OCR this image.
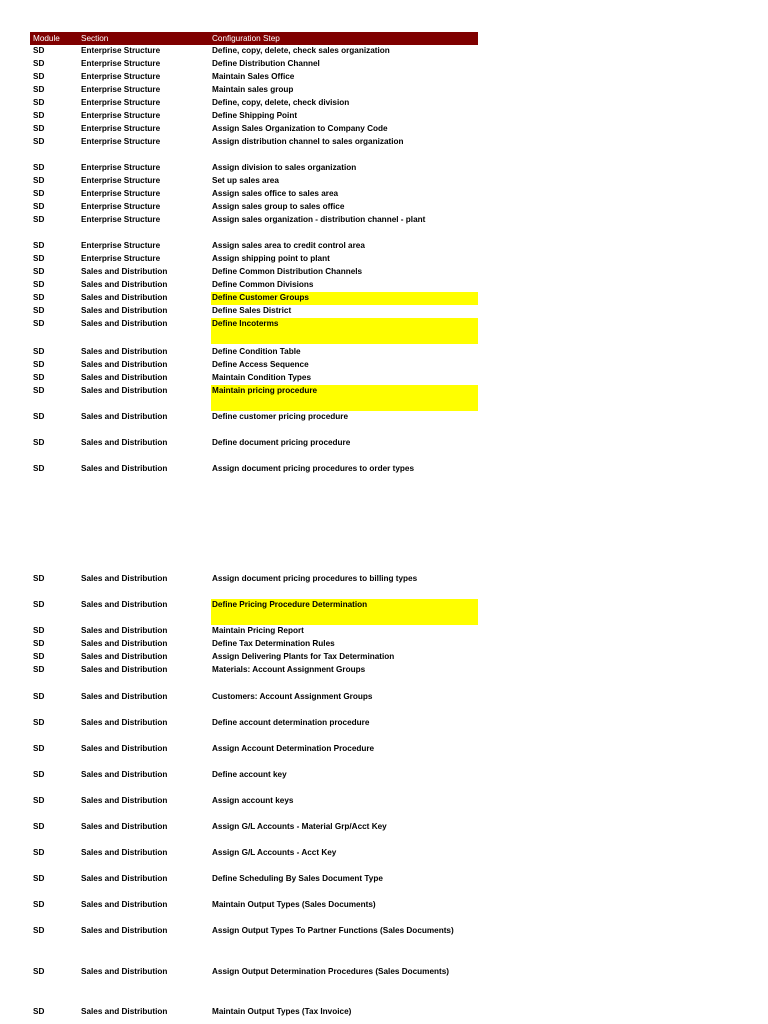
Module	Section	Configuration Step
SD	Enterprise Structure	Define, copy, delete, check sales organization
SD	Enterprise Structure	Define Distribution Channel
SD	Enterprise Structure	Maintain Sales Office
SD	Enterprise Structure	Maintain sales group
SD	Enterprise Structure	Define, copy, delete, check division
SD	Enterprise Structure	Define Shipping Point
SD	Enterprise Structure	Assign Sales Organization to Company Code
SD	Enterprise Structure	Assign distribution channel to sales organization
SD	Enterprise Structure	Assign division to sales organization
SD	Enterprise Structure	Set up sales area
SD	Enterprise Structure	Assign sales office to sales area
SD	Enterprise Structure	Assign sales group to sales office
SD	Enterprise Structure	Assign sales organization - distribution channel - plant
SD	Enterprise Structure	Assign sales area to credit control area
SD	Enterprise Structure	Assign shipping point to plant
SD	Sales and Distribution	Define Common Distribution Channels
SD	Sales and Distribution	Define Common Divisions
SD	Sales and Distribution	Define Customer Groups
SD	Sales and Distribution	Define Sales District
SD	Sales and Distribution	Define Incoterms
SD	Sales and Distribution	Define Condition Table
SD	Sales and Distribution	Define Access Sequence
SD	Sales and Distribution	Maintain Condition Types
SD	Sales and Distribution	Maintain pricing procedure
SD	Sales and Distribution	Define customer pricing procedure
SD	Sales and Distribution	Define document pricing procedure
SD	Sales and Distribution	Assign document pricing procedures to order types
SD	Sales and Distribution	Assign document pricing procedures to billing types
SD	Sales and Distribution	Define Pricing Procedure Determination
SD	Sales and Distribution	Maintain Pricing Report
SD	Sales and Distribution	Define Tax Determination Rules
SD	Sales and Distribution	Assign Delivering Plants for Tax Determination
SD	Sales and Distribution	Materials: Account Assignment Groups
SD	Sales and Distribution	Customers: Account Assignment Groups
SD	Sales and Distribution	Define account determination procedure
SD	Sales and Distribution	Assign Account Determination Procedure
SD	Sales and Distribution	Define account key
SD	Sales and Distribution	Assign account keys
SD	Sales and Distribution	Assign G/L Accounts - Material Grp/Acct Key
SD	Sales and Distribution	Assign G/L Accounts - Acct Key
SD	Sales and Distribution	Define Scheduling By Sales Document Type
SD	Sales and Distribution	Maintain Output Types (Sales Documents)
SD	Sales and Distribution	Assign Output Types To Partner Functions (Sales Documents)
SD	Sales and Distribution	Assign Output Determination Procedures (Sales Documents)
SD	Sales and Distribution	Maintain Output Types (Tax Invoice)
